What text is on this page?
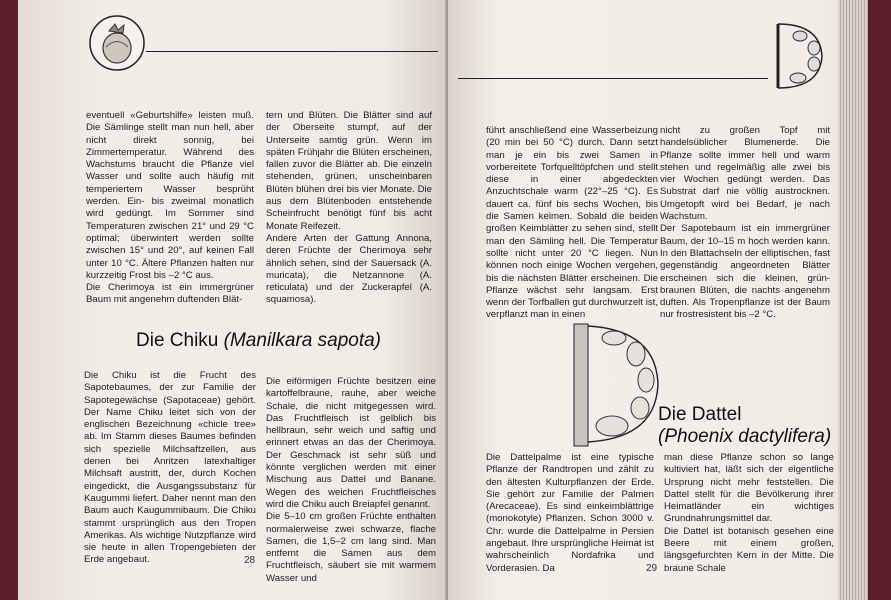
eventuell «Geburtshilfe» leisten muß. Die Sämlinge stellt man nun hell, aber nicht direkt sonnig, bei Zimmertemperatur. Während des Wachstums braucht die Pflanze viel Wasser und sollte auch häufig mit temperiertem Wasser besprüht werden. Ein- bis zweimal monatlich wird gedüngt. Im Sommer sind Temperaturen zwischen 21° und 29 °C optimal; überwintert werden sollte zwischen 15° und 20°, auf keinen Fall unter 10 °C. Ältere Pflanzen halten nur kurzzeitig Frost bis –2 °C aus.

Die Cherimoya ist ein immergrüner Baum mit angenehm duftenden Blät-

tern und Blüten. Die Blätter sind auf der Oberseite stumpf, auf der Unterseite samtig grün. Wenn im späten Frühjahr die Blüten erscheinen, fallen zuvor die Blätter ab. Die einzeln stehenden, grünen, unscheinbaren Blüten blühen drei bis vier Monate. Die aus dem Blütenboden entstehende Scheinfrucht benötigt fünf bis acht Monate Reifezeit.

Andere Arten der Gattung Annona, deren Früchte der Cherimoya sehr ähnlich sehen, sind der Sauersack (A. muricata), die Netzannone (A. reticulata) und der Zuckerapfel (A. squamosa).

Die Chiku (Manilkara sapota)

Die Chiku ist die Frucht des Sapotebaumes, der zur Familie der Sapotegewächse (Sapotaceae) gehört. Der Name Chiku leitet sich von der englischen Bezeichnung «chicle tree» ab. Im Stamm dieses Baumes befinden sich spezielle Milchsaftzellen, aus denen bei Anritzen latexhaltiger Milchsaft austritt, der, durch Kochen eingedickt, die Ausgangssubstanz für Kaugummi liefert. Daher nennt man den Baum auch Kaugummibaum. Die Chiku stammt ursprünglich aus den Tropen Amerikas. Als wichtige Nutzpflanze wird sie heute in allen Tropengebieten der Erde angebaut.

Die eiförmigen Früchte besitzen eine kartoffelbraune, rauhe, aber weiche Schale, die nicht mitgegessen wird. Das Fruchtfleisch ist gelblich bis hellbraun, sehr weich und saftig und erinnert etwas an das der Cherimoya. Der Geschmack ist sehr süß und könnte verglichen werden mit einer Mischung aus Dattel und Banane. Wegen des weichen Fruchtfleisches wird die Chiku auch Breiapfel genannt.

Die 5–10 cm großen Früchte enthalten normalerweise zwei schwarze, flache Samen, die 1,5–2 cm lang sind. Man entfernt die Samen aus dem Fruchtfleisch, säubert sie mit warmem Wasser und

28

führt anschließend eine Wasserbeizung (20 min bei 50 °C) durch. Dann setzt man je ein bis zwei Samen in vorbereitete Torfquelltöpfchen und stellt diese in einer abgedeckten Anzuchtschale warm (22°–25 °C). Es dauert ca. fünf bis sechs Wochen, bis die Samen keimen. Sobald die beiden großen Keimblätter zu sehen sind, stellt man den Sämling hell. Die Temperatur sollte nicht unter 20 °C liegen. Nun können noch einige Wochen vergehen, bis die nächsten Blätter erscheinen. Die Pflanze wächst sehr langsam. Erst wenn der Torfballen gut durchwurzelt ist, verpflanzt man in einen

nicht zu großen Topf mit handelsüblicher Blumenerde. Die Pflanze sollte immer hell und warm stehen und regelmäßig alle zwei bis vier Wochen gedüngt werden. Das Substrat darf nie völlig austrocknen. Umgetopft wird bei Bedarf, je nach Wachstum.

Der Sapotebaum ist ein immergrüner Baum, der 10–15 m hoch werden kann. In den Blattachseln der elliptischen, fast gegenständig angeordneten Blätter erscheinen sich die kleinen, grün-braunen Blüten, die nachts angenehm duften. Als Tropenpflanze ist der Baum nur frostresistent bis –2 °C.

Die Dattel
(Phoenix dactylifera)

Die Dattelpalme ist eine typische Pflanze der Randtropen und zählt zu den ältesten Kulturpflanzen der Erde. Sie gehört zur Familie der Palmen (Arecaceae). Es sind einkeimblättrige (monokotyle) Pflanzen. Schon 3000 v. Chr. wurde die Dattelpalme in Persien angebaut. Ihre ursprüngliche Heimat ist wahrscheinlich Nordafrika und Vorderasien. Da

man diese Pflanze schon so lange kultiviert hat, läßt sich der eigentliche Ursprung nicht mehr feststellen. Die Dattel stellt für die Bevölkerung ihrer Heimatländer ein wichtiges Grundnahrungsmittel dar.

Die Dattel ist botanisch gesehen eine Beere mit einem großen, längsgefurchten Kern in der Mitte. Die braune Schale

29
